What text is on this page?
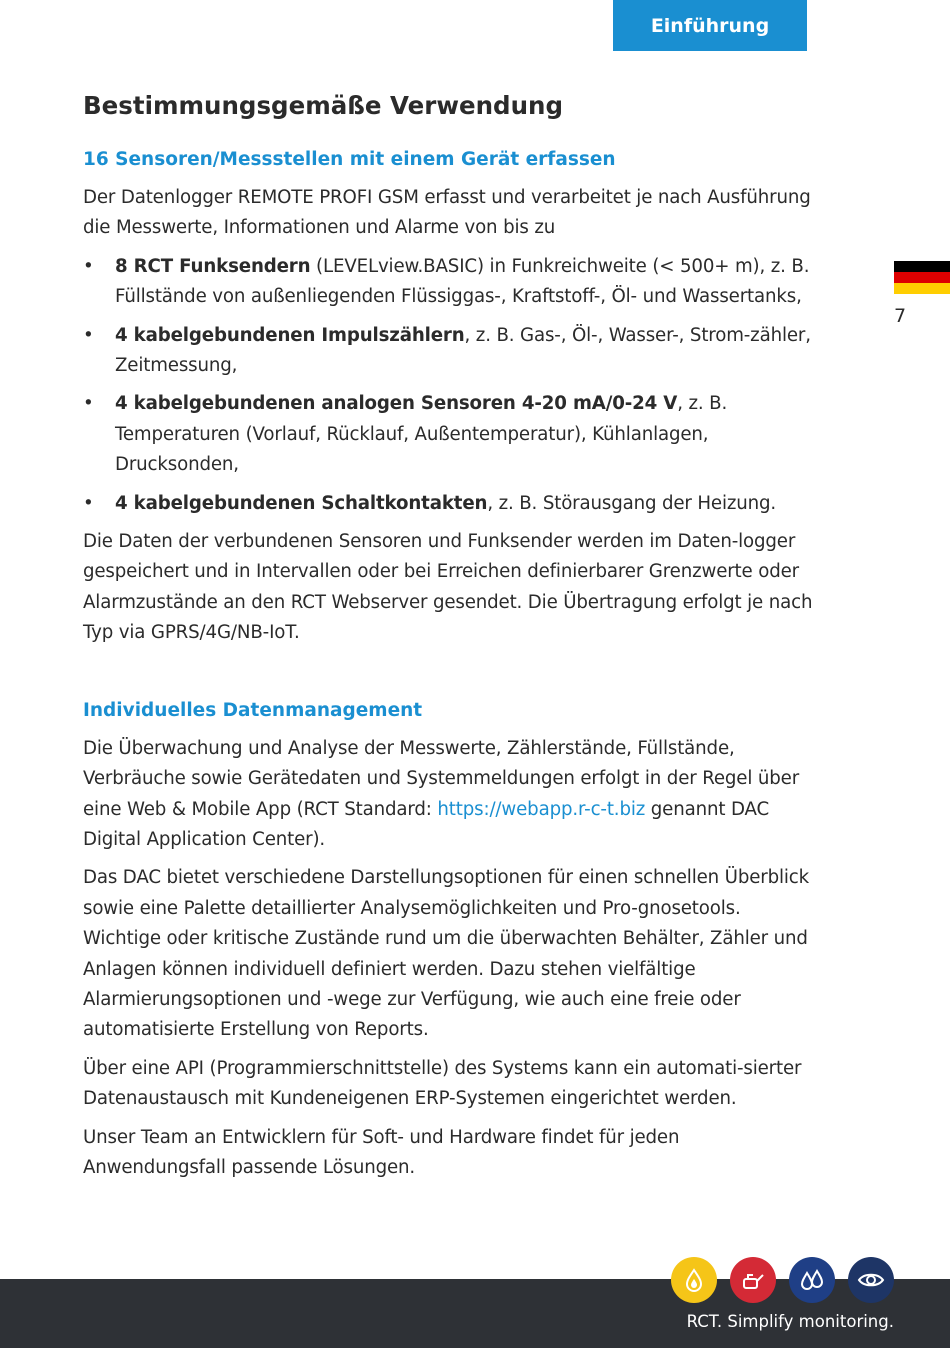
Einführung
7
Bestimmungsgemäße Verwendung
16 Sensoren/Messstellen mit einem Gerät erfassen

Der Datenlogger REMOTE PROFI GSM erfasst und verarbeitet je nach Ausführung die Messwerte, Informationen und Alarme von bis zu

• 8 RCT Funksendern (LEVELview.BASIC) in Funkreichweite (< 500+ m), z. B. Füllstände von außenliegenden Flüssiggas-, Kraftstoff-, Öl- und Wassertanks,
• 4 kabelgebundenen Impulszählern, z. B. Gas-, Öl-, Wasser-, Strom-zähler, Zeitmessung,
• 4 kabelgebundenen analogen Sensoren 4-20 mA/0-24 V, z. B. Temperaturen (Vorlauf, Rücklauf, Außentemperatur), Kühlanlagen, Drucksonden,
• 4 kabelgebundenen Schaltkontakten, z. B. Störausgang der Heizung.

Die Daten der verbundenen Sensoren und Funksender werden im Daten-logger gespeichert und in Intervallen oder bei Erreichen definierbarer Grenzwerte oder Alarmzustände an den RCT Webserver gesendet. Die Übertragung erfolgt je nach Typ via GPRS/4G/NB-IoT.

Individuelles Datenmanagement

Die Überwachung und Analyse der Messwerte, Zählerstände, Füllstände, Verbräuche sowie Gerätedaten und Systemmeldungen erfolgt in der Regel über eine Web & Mobile App (RCT Standard: https://webapp.r-c-t.biz genannt DAC Digital Application Center).

Das DAC bietet verschiedene Darstellungsoptionen für einen schnellen Überblick sowie eine Palette detaillierter Analysemöglichkeiten und Pro-gnosetools. Wichtige oder kritische Zustände rund um die überwachten Behälter, Zähler und Anlagen können individuell definiert werden. Dazu stehen vielfältige Alarmierungsoptionen und -wege zur Verfügung, wie auch eine freie oder automatisierte Erstellung von Reports.

Über eine API (Programmierschnittstelle) des Systems kann ein automati-sierter Datenaustausch mit Kundeneigenen ERP-Systemen eingerichtet werden.

Unser Team an Entwicklern für Soft- und Hardware findet für jeden Anwendungsfall passende Lösungen.

RCT. Simplify monitoring.
